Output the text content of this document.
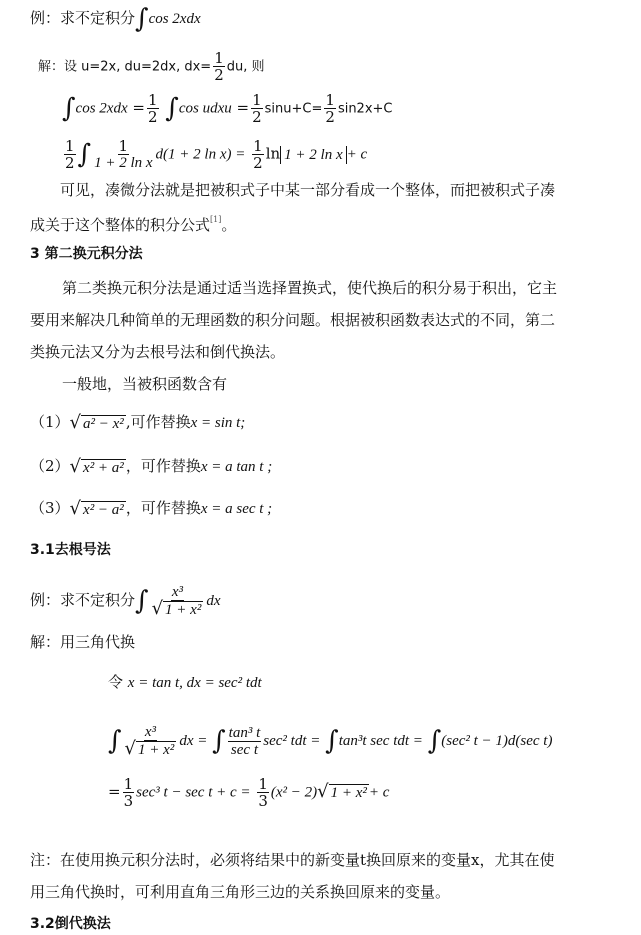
例：求不定积分∫cos 2xdx
解：设 u=2x, du=2dx, $dx= \frac{1}{2}$ du, 则
∫cos $2xdx = \frac{1}{2} \int\cos$ udxu = $\frac{1}{2} \sin u+C= \frac{1}{2} \sin 2x+C$
$\frac{1}{2}$ ∫ $\frac{1}{\text{1 + 2 ln x}} d(1 + 2$ $\ln x) = \frac{1}{2}$ ln 1 + 2 ln x + c
可见，凑微分法就是把被积式子中某一部分看成一个整体，而把被积式子凑
成关于这个整体的积分公式[1]。
3 第二换元积分法
第二类换元积分法是通过适当选择置换式，使代换后的积分易于积出，它主
要用来解决几种简单的无理函数的积分问题。根据被积函数表达式的不同，第二
类换元法又分为去根号法和倒代换法。
一般地，当被积函数含有
（1）√ a² − x² ,可作替换x = sin t;
（2）√ x² + a² ，可作替换x = a tan t ;
（3）√ x² − a² ，可作替换x = a sec t ;
3.1去根号法
例：求不定积分∫ $\frac{\text{x³}}{\text{√ 1 + x²}}$ dx
解：用三角代换
令 x = tan t, dx = sec² tdt
∫ $\frac{\text{x³}}{\text{√ 1 + x²}}$ dx = ∫ $\frac{\text{tan³ t}}{\text{sec t}} \sec^2$ tdt = ∫tan³t sec tdt = ∫(sec² t − 1)d(sec t)
= $\frac{1}{3} \sec^3$ $t - \sec t + c = \frac{1}{3} (x^2 - 2)√$ 1 + x² + c
注：在使用换元积分法时，必须将结果中的新变量t换回原来的变量x，尤其在使
用三角代换时，可利用直角三角形三边的关系换回原来的变量。
3.2倒代换法
